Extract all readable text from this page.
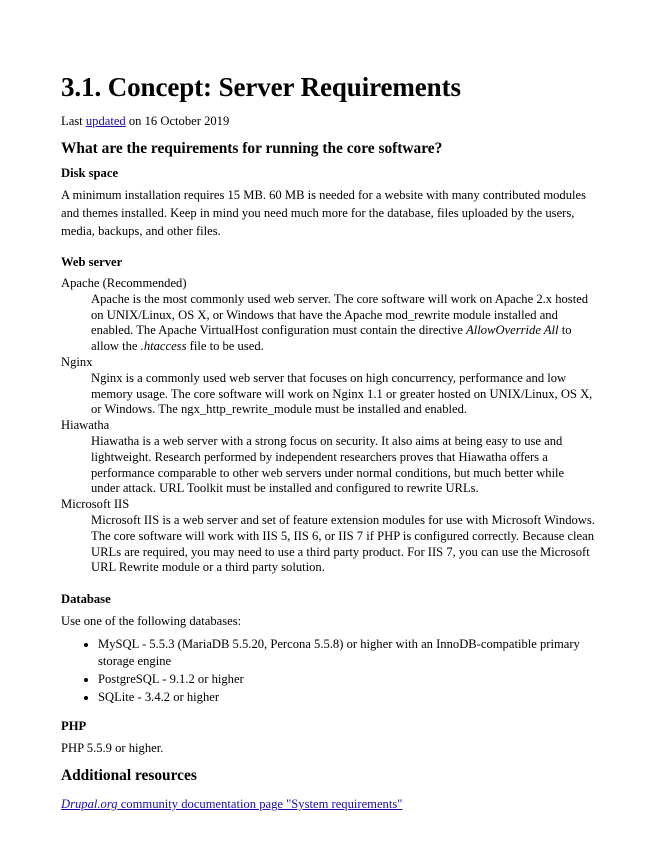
3.1. Concept: Server Requirements

Last updated on 16 October 2019

What are the requirements for running the core software?
Disk space

A minimum installation requires 15 MB. 60 MB is needed for a website with many contributed modules and themes installed. Keep in mind you need much more for the database, files uploaded by the users, media, backups, and other files.

Web server
Apache (Recommended)
Apache is the most commonly used web server. The core software will work on Apache 2.x hosted on UNIX/Linux, OS X, or Windows that have the Apache mod_rewrite module installed and enabled. The Apache VirtualHost configuration must contain the directive AllowOverride All to allow the .htaccess file to be used.
Nginx
Nginx is a commonly used web server that focuses on high concurrency, performance and low memory usage. The core software will work on Nginx 1.1 or greater hosted on UNIX/Linux, OS X, or Windows. The ngx_http_rewrite_module must be installed and enabled.
Hiawatha
Hiawatha is a web server with a strong focus on security. It also aims at being easy to use and lightweight. Research performed by independent researchers proves that Hiawatha offers a performance comparable to other web servers under normal conditions, but much better while under attack. URL Toolkit must be installed and configured to rewrite URLs.
Microsoft IIS
Microsoft IIS is a web server and set of feature extension modules for use with Microsoft Windows. The core software will work with IIS 5, IIS 6, or IIS 7 if PHP is configured correctly. Because clean URLs are required, you may need to use a third party product. For IIS 7, you can use the Microsoft URL Rewrite module or a third party solution.
Database

Use one of the following databases:

• MySQL - 5.5.3 (MariaDB 5.5.20, Percona 5.5.8) or higher with an InnoDB-compatible primary storage engine
• PostgreSQL - 9.1.2 or higher
• SQLite - 3.4.2 or higher
PHP

PHP 5.5.9 or higher.

Additional resources

Drupal.org community documentation page "System requirements"
